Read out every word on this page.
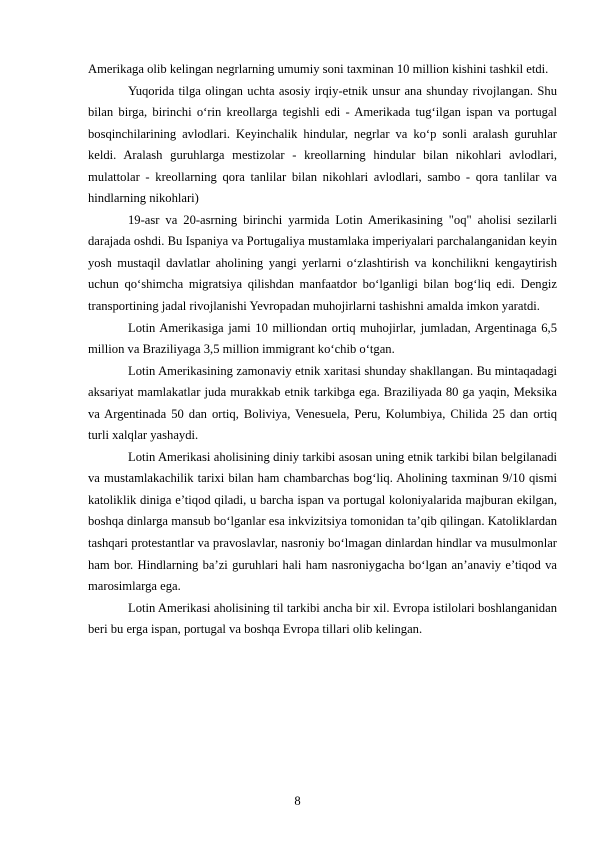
Amerikaga olib kelingan negrlarning umumiy soni taxminan 10 million kishini tashkil etdi.

Yuqorida tilga olingan uchta asosiy irqiy-etnik unsur ana shunday rivojlangan. Shu bilan birga, birinchi o‘rin kreollarga tegishli edi - Amerikada tug‘ilgan ispan va portugal bosqinchilarining avlodlari. Keyinchalik hindular, negrlar va ko‘p sonli aralash guruhlar keldi. Aralash guruhlarga mestizolar - kreollarning hindular bilan nikohlari avlodlari, mulattolar - kreollarning qora tanlilar bilan nikohlari avlodlari, sambo - qora tanlilar va hindlarning nikohlari)

19-asr va 20-asrning birinchi yarmida Lotin Amerikasining "oq" aholisi sezilarli darajada oshdi. Bu Ispaniya va Portugaliya mustamlaka imperiyalari parchalanganidan keyin yosh mustaqil davlatlar aholining yangi yerlarni o‘zlashtirish va konchilikni kengaytirish uchun qo‘shimcha migratsiya qilishdan manfaatdor bo‘lganligi bilan bog‘liq edi. Dengiz transportining jadal rivojlanishi Yevropadan muhojirlarni tashishni amalda imkon yaratdi.

Lotin Amerikasiga jami 10 milliondan ortiq muhojirlar, jumladan, Argentinaga 6,5 million va Braziliyaga 3,5 million immigrant ko‘chib o‘tgan.

Lotin Amerikasining zamonaviy etnik xaritasi shunday shakllangan. Bu mintaqadagi aksariyat mamlakatlar juda murakkab etnik tarkibga ega. Braziliyada 80 ga yaqin, Meksika va Argentinada 50 dan ortiq, Boliviya, Venesuela, Peru, Kolumbiya, Chilida 25 dan ortiq turli xalqlar yashaydi.

Lotin Amerikasi aholisining diniy tarkibi asosan uning etnik tarkibi bilan belgilanadi va mustamlakachilik tarixi bilan ham chambarchas bog‘liq. Aholining taxminan 9/10 qismi katoliklik diniga e’tiqod qiladi, u barcha ispan va portugal koloniyalarida majburan ekilgan, boshqa dinlarga mansub bo‘lganlar esa inkvizitsiya tomonidan ta’qib qilingan. Katoliklardan tashqari protestantlar va pravoslavlar, nasroniy bo‘lmagan dinlardan hindlar va musulmonlar ham bor. Hindlarning ba’zi guruhlari hali ham nasroniygacha bo‘lgan an’anaviy e’tiqod va marosimlarga ega.

Lotin Amerikasi aholisining til tarkibi ancha bir xil. Evropa istilolari boshlanganidan beri bu erga ispan, portugal va boshqa Evropa tillari olib kelingan.

8
